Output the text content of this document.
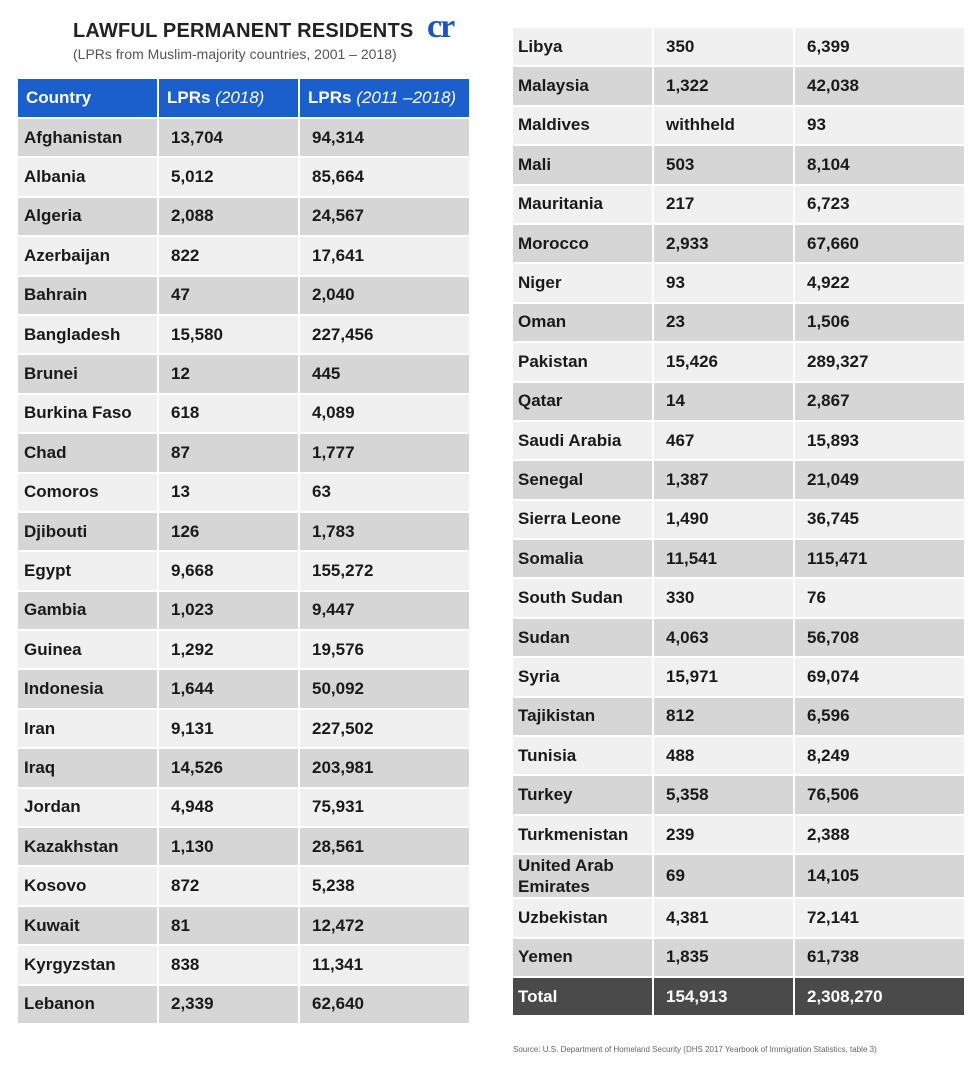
LAWFUL PERMANENT RESIDENTS
(LPRs from Muslim-majority countries, 2001 – 2018)
cr
Country	LPRs (2018)	LPRs (2011 –2018)
Afghanistan	13,704	94,314
Albania	5,012	85,664
Algeria	2,088	24,567
Azerbaijan	822	17,641
Bahrain	47	2,040
Bangladesh	15,580	227,456
Brunei	12	445
Burkina Faso	618	4,089
Chad	87	1,777
Comoros	13	63
Djibouti	126	1,783
Egypt	9,668	155,272
Gambia	1,023	9,447
Guinea	1,292	19,576
Indonesia	1,644	50,092
Iran	9,131	227,502
Iraq	14,526	203,981
Jordan	4,948	75,931
Kazakhstan	1,130	28,561
Kosovo	872	5,238
Kuwait	81	12,472
Kyrgyzstan	838	11,341
Lebanon	2,339	62,640
Libya	350	6,399
Malaysia	1,322	42,038
Maldives	withheld	93
Mali	503	8,104
Mauritania	217	6,723
Morocco	2,933	67,660
Niger	93	4,922
Oman	23	1,506
Pakistan	15,426	289,327
Qatar	14	2,867
Saudi Arabia	467	15,893
Senegal	1,387	21,049
Sierra Leone	1,490	36,745
Somalia	11,541	115,471
South Sudan	330	76
Sudan	4,063	56,708
Syria	15,971	69,074
Tajikistan	812	6,596
Tunisia	488	8,249
Turkey	5,358	76,506
Turkmenistan	239	2,388
United Arab Emirates	69	14,105
Uzbekistan	4,381	72,141
Yemen	1,835	61,738
Total	154,913	2,308,270
Source: U.S. Department of Homeland Security (DHS 2017 Yearbook of Immigration Statistics, table 3)
